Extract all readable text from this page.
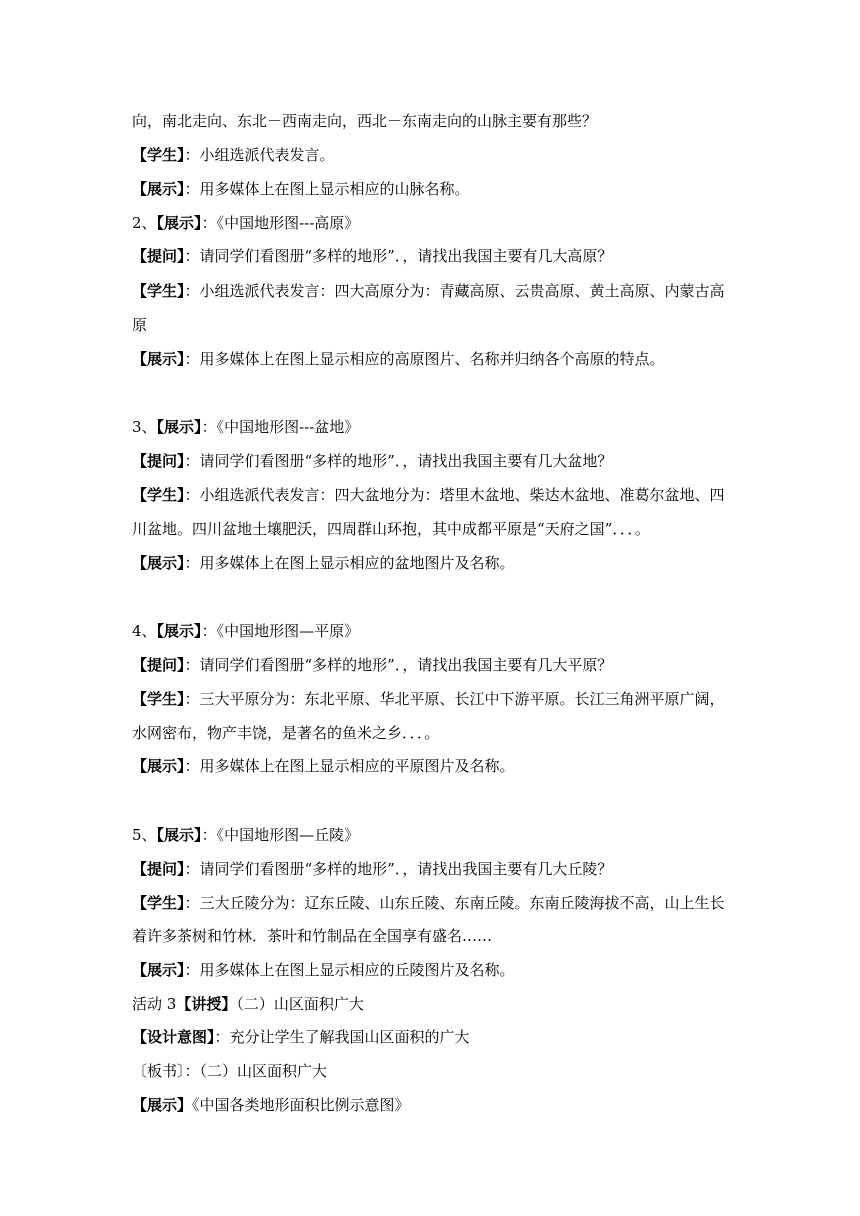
向，南北走向、东北－西南走向，西北－东南走向的山脉主要有那些？
【学生】：小组选派代表发言。
【展示】：用多媒体上在图上显示相应的山脉名称。
2、【展示】：《中国地形图---高原》
【提问】：请同学们看图册“多样的地形”．，请找出我国主要有几大高原？
【学生】：小组选派代表发言：四大高原分为：青藏高原、云贵高原、黄土高原、内蒙古高
原
【展示】：用多媒体上在图上显示相应的高原图片、名称并归纳各个高原的特点。
3、【展示】：《中国地形图---盆地》
【提问】：请同学们看图册“多样的地形”．，请找出我国主要有几大盆地？
【学生】：小组选派代表发言：四大盆地分为：塔里木盆地、柴达木盆地、准葛尔盆地、四
川盆地。四川盆地土壤肥沃，四周群山环抱，其中成都平原是“天府之国”．．．。
【展示】：用多媒体上在图上显示相应的盆地图片及名称。
4、【展示】：《中国地形图—平原》
【提问】：请同学们看图册“多样的地形”．，请找出我国主要有几大平原？
【学生】：三大平原分为：东北平原、华北平原、长江中下游平原。长江三角洲平原广阔，
水网密布，物产丰饶，是著名的鱼米之乡．．．。
【展示】：用多媒体上在图上显示相应的平原图片及名称。
5、【展示】：《中国地形图—丘陵》
【提问】：请同学们看图册“多样的地形”．，请找出我国主要有几大丘陵？
【学生】：三大丘陵分为：辽东丘陵、山东丘陵、东南丘陵。东南丘陵海拔不高，山上生长
着许多茶树和竹林．茶叶和竹制品在全国享有盛名……
【展示】：用多媒体上在图上显示相应的丘陵图片及名称。
活动 3【讲授】（二）山区面积广大
【设计意图】：充分让学生了解我国山区面积的广大
〔板书〕：（二）山区面积广大
【展示】《中国各类地形面积比例示意图》
